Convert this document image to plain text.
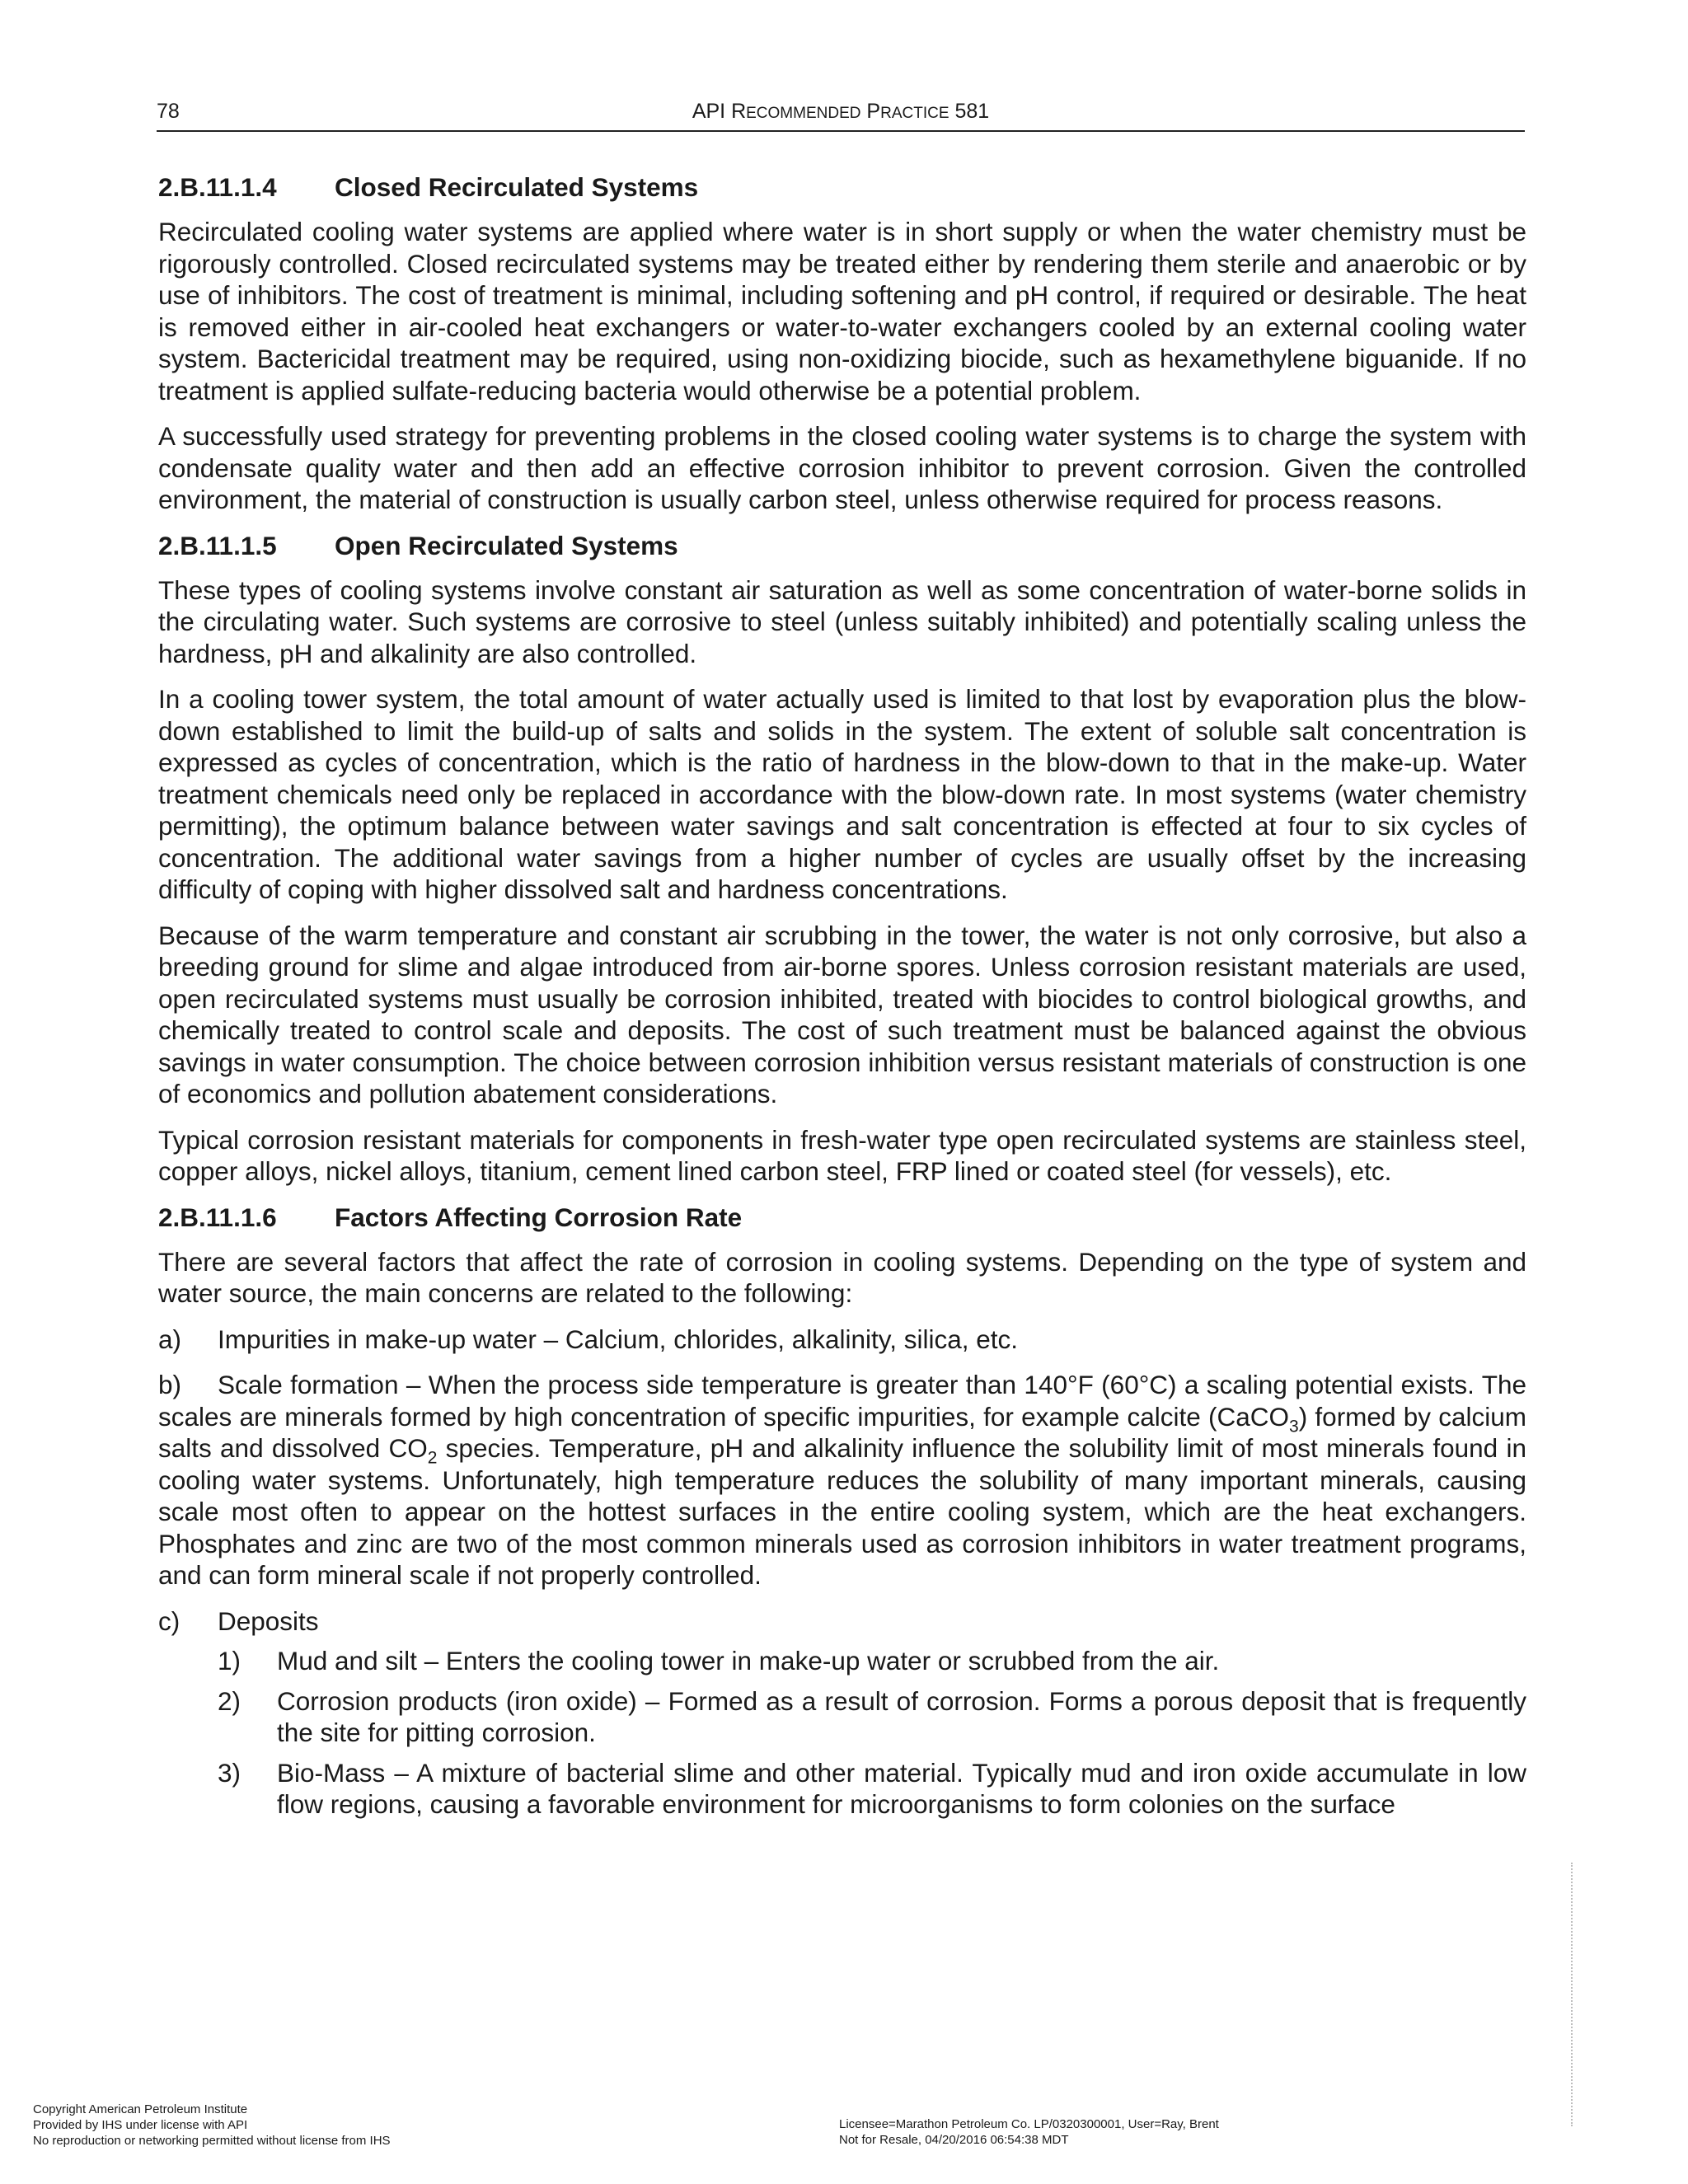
78	API RECOMMENDED PRACTICE 581
2.B.11.1.4	Closed Recirculated Systems

Recirculated cooling water systems are applied where water is in short supply or when the water chemistry must be rigorously controlled. Closed recirculated systems may be treated either by rendering them sterile and anaerobic or by use of inhibitors. The cost of treatment is minimal, including softening and pH control, if required or desirable. The heat is removed either in air-cooled heat exchangers or water-to-water exchangers cooled by an external cooling water system. Bactericidal treatment may be required, using non-oxidizing biocide, such as hexamethylene biguanide. If no treatment is applied sulfate-reducing bacteria would otherwise be a potential problem.

A successfully used strategy for preventing problems in the closed cooling water systems is to charge the system with condensate quality water and then add an effective corrosion inhibitor to prevent corrosion. Given the controlled environment, the material of construction is usually carbon steel, unless otherwise required for process reasons.

2.B.11.1.5	Open Recirculated Systems

These types of cooling systems involve constant air saturation as well as some concentration of water-borne solids in the circulating water. Such systems are corrosive to steel (unless suitably inhibited) and potentially scaling unless the hardness, pH and alkalinity are also controlled.

In a cooling tower system, the total amount of water actually used is limited to that lost by evaporation plus the blow-down established to limit the build-up of salts and solids in the system. The extent of soluble salt concentration is expressed as cycles of concentration, which is the ratio of hardness in the blow-down to that in the make-up. Water treatment chemicals need only be replaced in accordance with the blow-down rate. In most systems (water chemistry permitting), the optimum balance between water savings and salt concentration is effected at four to six cycles of concentration. The additional water savings from a higher number of cycles are usually offset by the increasing difficulty of coping with higher dissolved salt and hardness concentrations.

Because of the warm temperature and constant air scrubbing in the tower, the water is not only corrosive, but also a breeding ground for slime and algae introduced from air-borne spores. Unless corrosion resistant materials are used, open recirculated systems must usually be corrosion inhibited, treated with biocides to control biological growths, and chemically treated to control scale and deposits. The cost of such treatment must be balanced against the obvious savings in water consumption. The choice between corrosion inhibition versus resistant materials of construction is one of economics and pollution abatement considerations.

Typical corrosion resistant materials for components in fresh-water type open recirculated systems are stainless steel, copper alloys, nickel alloys, titanium, cement lined carbon steel, FRP lined or coated steel (for vessels), etc.

2.B.11.1.6	Factors Affecting Corrosion Rate

There are several factors that affect the rate of corrosion in cooling systems. Depending on the type of system and water source, the main concerns are related to the following:

a)	Impurities in make-up water – Calcium, chlorides, alkalinity, silica, etc.

b) Scale formation – When the process side temperature is greater than 140°F (60°C) a scaling potential exists. The scales are minerals formed by high concentration of specific impurities, for example calcite (CaCO$_3$) formed by calcium salts and dissolved $CO_2$ species. Temperature, pH and alkalinity influence the solubility limit of most minerals found in cooling water systems. Unfortunately, high temperature reduces the solubility of many important minerals, causing scale most often to appear on the hottest surfaces in the entire cooling system, which are the heat exchangers. Phosphates and zinc are two of the most common minerals used as corrosion inhibitors in water treatment programs, and can form mineral scale if not properly controlled.

c)	Deposits
1)	Mud and silt – Enters the cooling tower in make-up water or scrubbed from the air.
2)	Corrosion products (iron oxide) – Formed as a result of corrosion. Forms a porous deposit that is frequently the site for pitting corrosion.
3)	Bio-Mass – A mixture of bacterial slime and other material. Typically mud and iron oxide accumulate in low flow regions, causing a favorable environment for microorganisms to form colonies on the surface
Copyright American Petroleum Institute
Provided by IHS under license with API
No reproduction or networking permitted without license from IHS
Licensee=Marathon Petroleum Co. LP/0320300001, User=Ray, Brent
Not for Resale, 04/20/2016 06:54:38 MDT
